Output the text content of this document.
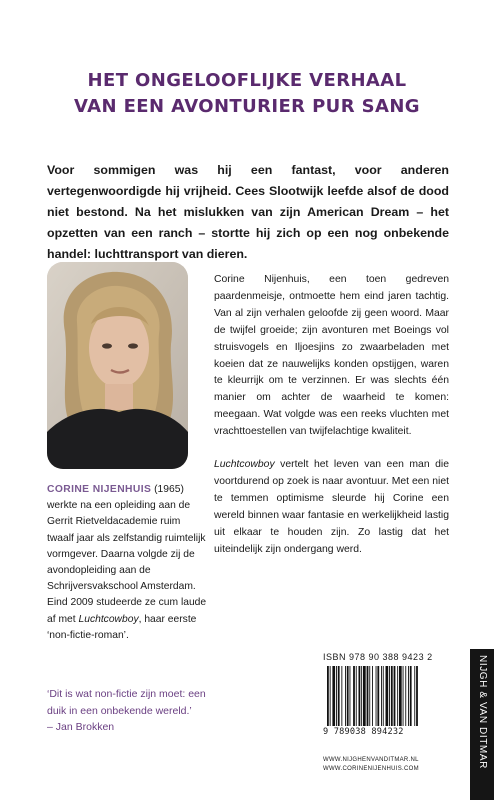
HET ONGELOOFLIJKE VERHAAL
VAN EEN AVONTURIER PUR SANG
Voor sommigen was hij een fantast, voor anderen vertegenwoordigde hij vrijheid. Cees Slootwijk leefde alsof de dood niet bestond. Na het mislukken van zijn American Dream – het opzetten van een ranch – stortte hij zich op een nog onbekende handel: luchttransport van dieren.
CORINE NIJENHUIS (1965) werkte na een opleiding aan de Gerrit Rietveldacademie ruim twaalf jaar als zelfstandig ruimtelijk vormgever. Daarna volgde zij de avondopleiding aan de Schrijversvakschool Amsterdam. Eind 2009 studeerde ze cum laude af met Luchtcowboy, haar eerste ‘non-fictie-roman’.

Corine Nijenhuis, een toen gedreven paardenmeisje, ontmoette hem eind jaren tachtig. Van al zijn verhalen geloofde zij geen woord. Maar de twijfel groeide; zijn avonturen met Boeings vol struisvogels en Iljoesjins zo zwaarbeladen met koeien dat ze nauwelijks konden opstijgen, waren te kleurrijk om te verzinnen. Er was slechts één manier om achter de waarheid te komen: meegaan. Wat volgde was een reeks vluchten met vrachttoestellen van twijfelachtige kwaliteit.

Luchtcowboy vertelt het leven van een man die voortdurend op zoek is naar avontuur. Met een niet te temmen optimisme sleurde hij Corine een wereld binnen waar fantasie en werkelijkheid lastig uit elkaar te houden zijn. Zo lastig dat het uiteindelijk zijn ondergang werd.

‘Dit is wat non-fictie zijn moet: een duik in een onbekende wereld.’
– Jan Brokken
ISBN 978 90 388 9423 2
9 789038 894232
WWW.NIJGHENVANDITMAR.NL
WWW.CORINENIJENHUIS.COM
NIJGH & VAN DITMAR
